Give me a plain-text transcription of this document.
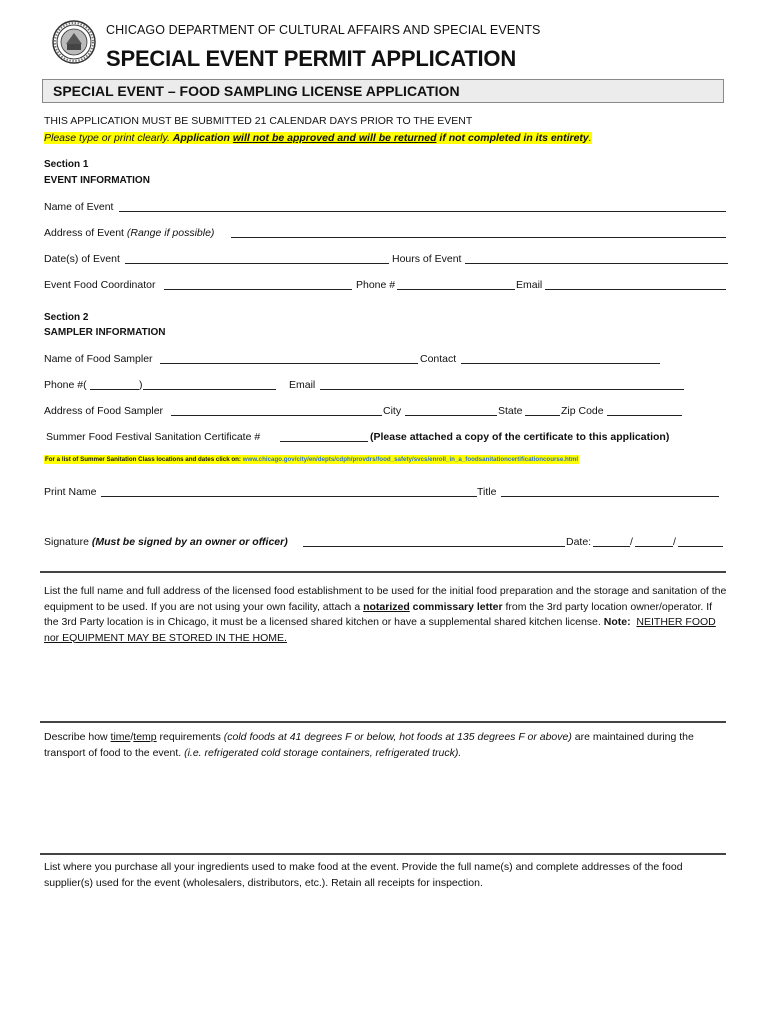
CHICAGO DEPARTMENT OF CULTURAL AFFAIRS AND SPECIAL EVENTS
SPECIAL EVENT PERMIT APPLICATION
SPECIAL EVENT – FOOD SAMPLING LICENSE APPLICATION
THIS APPLICATION MUST BE SUBMITTED 21 CALENDAR DAYS PRIOR TO THE EVENT
Please type or print clearly. Application will not be approved and will be returned if not completed in its entirety.
Section 1
EVENT INFORMATION
Name of Event
Address of Event (Range if possible)
Date(s) of Event	Hours of Event
Event Food Coordinator	Phone #	Email
Section 2
SAMPLER INFORMATION
Name of Food Sampler	Contact
Phone #(	)	Email
Address of Food Sampler	City	State	Zip Code
Summer Food Festival Sanitation Certificate #	(Please attached a copy of the certificate to this application)
For a list of Summer Sanitation Class locations and dates click on: www.chicago.gov/city/en/depts/cdph/provdrs/food_safety/svcs/enroll_in_a_foodsanitationcertificationcourse.html
Print Name	Title
Signature (Must be signed by an owner or officer)	Date:	/	/
List the full name and full address of the licensed food establishment to be used for the initial food preparation and the storage and sanitation of the equipment to be used. If you are not using your own facility, attach a notarized commissary letter from the 3rd party location owner/operator. If the 3rd Party location is in Chicago, it must be a licensed shared kitchen or have a supplemental shared kitchen license. Note: NEITHER FOOD nor EQUIPMENT MAY BE STORED IN THE HOME.
Describe how time/temp requirements (cold foods at 41 degrees F or below, hot foods at 135 degrees F or above) are maintained during the transport of food to the event. (i.e. refrigerated cold storage containers, refrigerated truck).
List where you purchase all your ingredients used to make food at the event. Provide the full name(s) and complete addresses of the food supplier(s) used for the event (wholesalers, distributors, etc.). Retain all receipts for inspection.
